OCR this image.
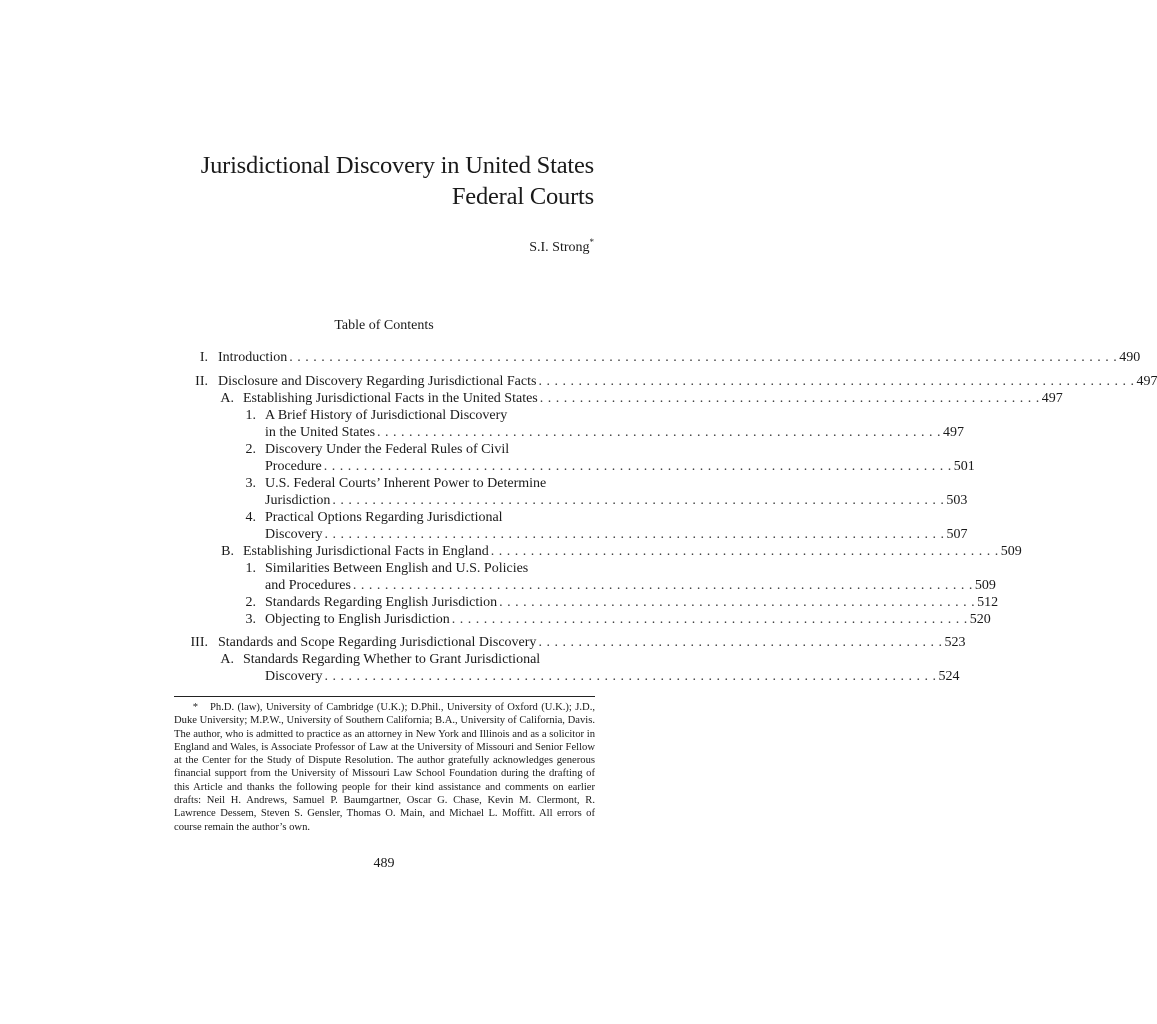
Jurisdictional Discovery in United States
Federal Courts
S.I. Strong*
Table of Contents
I. Introduction . . . . . . . . . . . . . . . . . . . . . . . . . . . . . . . . . . . . . . . . . . . . . . . . . . . . . . . . . . . . . . . . . . . . . . . . . . . . . . . . . . . . . . . . . . . . . . . . . . . . . . . . 490
II. Disclosure and Discovery Regarding Jurisdictional Facts . . . . . . . . . . . . . . . . . . . . . . . . . . . . . . . . . . . . . . . . . . . . . . . . . . . . . . . . . . . . . . . . . . . . . . . . . . . 497
A. Establishing Jurisdictional Facts in the United States . . . . . . . . . . . . . . . . . . . . . . . . . . . . . . . . . . . . . . . . . . . . . . . . . . . . . . . . . . . . . . . 497
1. A Brief History of Jurisdictional Discovery
in the United States . . . . . . . . . . . . . . . . . . . . . . . . . . . . . . . . . . . . . . . . . . . . . . . . . . . . . . . . . . . . . . . . . . . . . . . 497
2. Discovery Under the Federal Rules of Civil
Procedure . . . . . . . . . . . . . . . . . . . . . . . . . . . . . . . . . . . . . . . . . . . . . . . . . . . . . . . . . . . . . . . . . . . . . . . . . . . . . . . 501
3. U.S. Federal Courts’ Inherent Power to Determine
Jurisdiction . . . . . . . . . . . . . . . . . . . . . . . . . . . . . . . . . . . . . . . . . . . . . . . . . . . . . . . . . . . . . . . . . . . . . . . . . . . . . 503
4. Practical Options Regarding Jurisdictional
Discovery . . . . . . . . . . . . . . . . . . . . . . . . . . . . . . . . . . . . . . . . . . . . . . . . . . . . . . . . . . . . . . . . . . . . . . . . . . . . . . 507
B. Establishing Jurisdictional Facts in England . . . . . . . . . . . . . . . . . . . . . . . . . . . . . . . . . . . . . . . . . . . . . . . . . . . . . . . . . . . . . . . . 509
1. Similarities Between English and U.S. Policies
and Procedures . . . . . . . . . . . . . . . . . . . . . . . . . . . . . . . . . . . . . . . . . . . . . . . . . . . . . . . . . . . . . . . . . . . . . . . . . . . . . . 509
2. Standards Regarding English Jurisdiction . . . . . . . . . . . . . . . . . . . . . . . . . . . . . . . . . . . . . . . . . . . . . . . . . . . . . . . . . . . . 512
3. Objecting to English Jurisdiction . . . . . . . . . . . . . . . . . . . . . . . . . . . . . . . . . . . . . . . . . . . . . . . . . . . . . . . . . . . . . . . . . 520
III. Standards and Scope Regarding Jurisdictional Discovery . . . . . . . . . . . . . . . . . . . . . . . . . . . . . . . . . . . . . . . . . . . . . . . . . . . 523
A. Standards Regarding Whether to Grant Jurisdictional
Discovery . . . . . . . . . . . . . . . . . . . . . . . . . . . . . . . . . . . . . . . . . . . . . . . . . . . . . . . . . . . . . . . . . . . . . . . . . . . . . 524
* Ph.D. (law), University of Cambridge (U.K.); D.Phil., University of Oxford (U.K.); J.D., Duke University; M.P.W., University of Southern California; B.A., University of California, Davis. The author, who is admitted to practice as an attorney in New York and Illinois and as a solicitor in England and Wales, is Associate Professor of Law at the University of Missouri and Senior Fellow at the Center for the Study of Dispute Resolution. The author gratefully acknowledges generous financial support from the University of Missouri Law School Foundation during the drafting of this Article and thanks the following people for their kind assistance and comments on earlier drafts: Neil H. Andrews, Samuel P. Baumgartner, Oscar G. Chase, Kevin M. Clermont, R. Lawrence Dessem, Steven S. Gensler, Thomas O. Main, and Michael L. Moffitt. All errors of course remain the author’s own.
489
